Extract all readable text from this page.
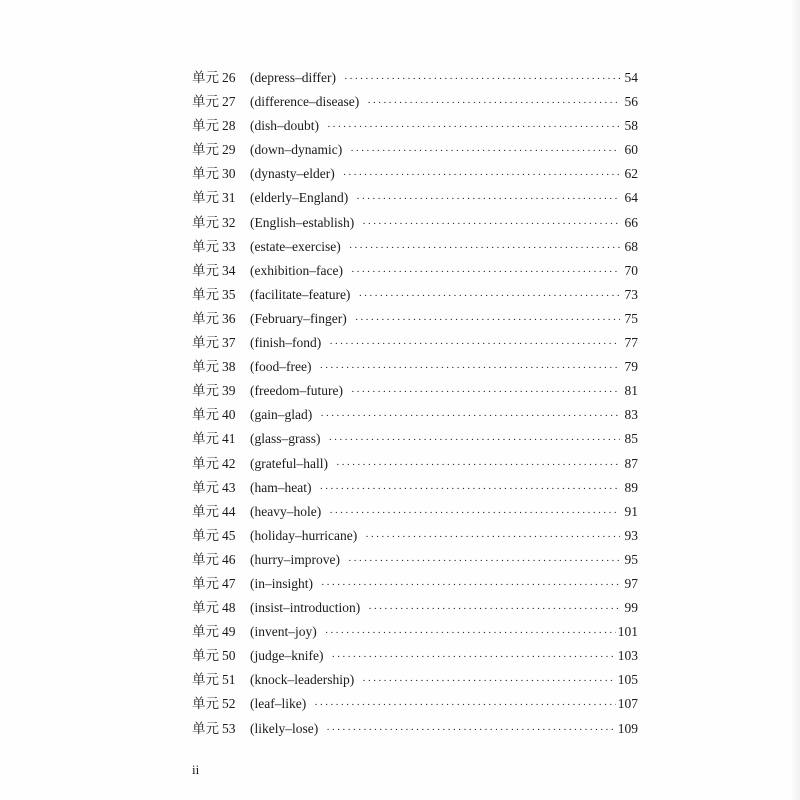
单元 26	(depress–differ) ·····	54
单元 27	(difference–disease) ·····	56
单元 28	(dish–doubt) ·····	58
单元 29	(down–dynamic) ·····	60
单元 30	(dynasty–elder) ·····	62
单元 31	(elderly–England) ·····	64
单元 32	(English–establish) ·····	66
单元 33	(estate–exercise) ·····	68
单元 34	(exhibition–face) ·····	70
单元 35	(facilitate–feature) ·····	73
单元 36	(February–finger) ·····	75
单元 37	(finish–fond) ·····	77
单元 38	(food–free) ·····	79
单元 39	(freedom–future) ·····	81
单元 40	(gain–glad) ·····	83
单元 41	(glass–grass) ·····	85
单元 42	(grateful–hall) ·····	87
单元 43	(ham–heat) ·····	89
单元 44	(heavy–hole) ·····	91
单元 45	(holiday–hurricane) ·····	93
单元 46	(hurry–improve) ·····	95
单元 47	(in–insight) ·····	97
单元 48	(insist–introduction) ·····	99
单元 49	(invent–joy) ·····	101
单元 50	(judge–knife) ·····	103
单元 51	(knock–leadership) ·····	105
单元 52	(leaf–like) ·····	107
单元 53	(likely–lose) ·····	109
ii
